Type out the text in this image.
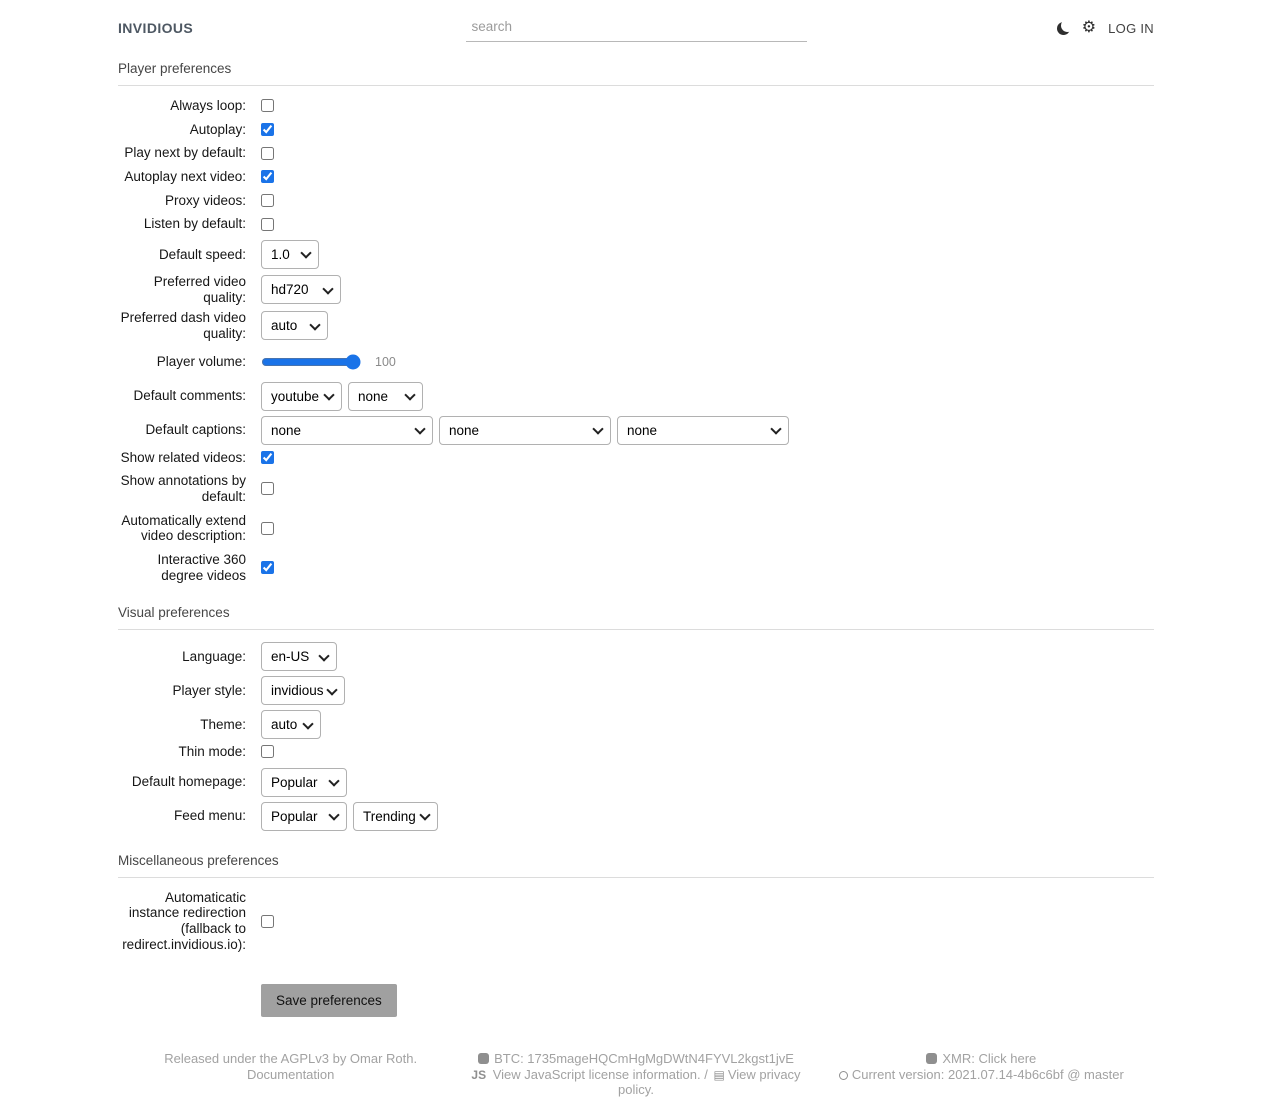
INVIDIOUS
search	⚙ LOG IN
Player preferences
Always loop:
Autoplay:
Play next by default:
Autoplay next video:
Proxy videos:
Listen by default:
Default speed:
1.0
Preferred video quality:
hd720
Preferred dash video quality:
auto
Player volume:	100
Default comments:
youtube
none
Default captions:
none
none
none
Show related videos:
Show annotations by default:
Automatically extend video description:
Interactive 360 degree videos
Visual preferences
Language:
en-US
Player style:
invidious
Theme:
auto
Thin mode:
Default homepage:
Popular
Feed menu:
Popular
Trending
Miscellaneous preferences
Automaticatic instance redirection (fallback to redirect.invidious.io):
Save preferences
Released under the AGPLv3 by Omar Roth.
Documentation
BTC: 1735mageHQCmHgMgDWtN4FYVL2kgst1jvE
JS View JavaScript license information. / ▤ View privacy policy.
XMR: Click here
Current version: 2021.07.14-4b6c6bf @ master
